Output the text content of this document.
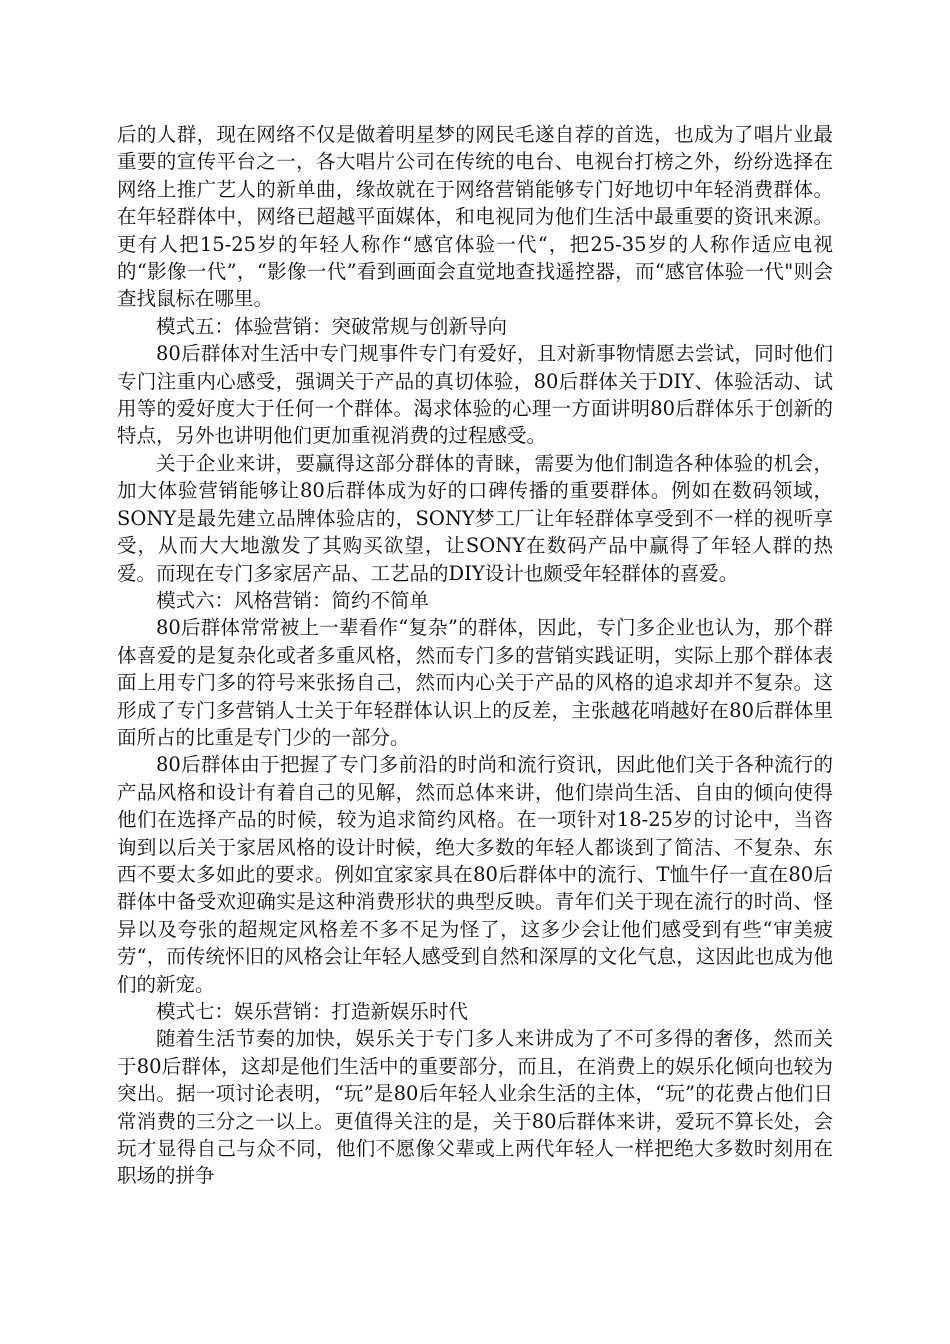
后的人群，现在网络不仅是做着明星梦的网民毛遂自荐的首选，也成为了唱片业最重要的宣传平台之一，各大唱片公司在传统的电台、电视台打榜之外，纷纷选择在网络上推广艺人的新单曲，缘故就在于网络营销能够专门好地切中年轻消费群体。在年轻群体中，网络已超越平面媒体，和电视同为他们生活中最重要的资讯来源。更有人把15-25岁的年轻人称作“感官体验一代“，把25-35岁的人称作适应电视的“影像一代”，“影像一代”看到画面会直觉地查找遥控器，而“感官体验一代"则会查找鼠标在哪里。

模式五：体验营销：突破常规与创新导向

80后群体对生活中专门规事件专门有爱好，且对新事物情愿去尝试，同时他们专门注重内心感受，强调关于产品的真切体验，80后群体关于DIY、体验活动、试用等的爱好度大于任何一个群体。渴求体验的心理一方面讲明80后群体乐于创新的特点，另外也讲明他们更加重视消费的过程感受。

关于企业来讲，要赢得这部分群体的青睐，需要为他们制造各种体验的机会，加大体验营销能够让80后群体成为好的口碑传播的重要群体。例如在数码领域，SONY是最先建立品牌体验店的，SONY梦工厂让年轻群体享受到不一样的视听享受，从而大大地激发了其购买欲望，让SONY在数码产品中赢得了年轻人群的热爱。而现在专门多家居产品、工艺品的DIY设计也颇受年轻群体的喜爱。

模式六：风格营销：简约不简单

80后群体常常被上一辈看作“复杂”的群体，因此，专门多企业也认为，那个群体喜爱的是复杂化或者多重风格，然而专门多的营销实践证明，实际上那个群体表面上用专门多的符号来张扬自己，然而内心关于产品的风格的追求却并不复杂。这形成了专门多营销人士关于年轻群体认识上的反差，主张越花哨越好在80后群体里面所占的比重是专门少的一部分。

80后群体由于把握了专门多前沿的时尚和流行资讯，因此他们关于各种流行的产品风格和设计有着自己的见解，然而总体来讲，他们崇尚生活、自由的倾向使得他们在选择产品的时候，较为追求简约风格。在一项针对18-25岁的讨论中，当咨询到以后关于家居风格的设计时候，绝大多数的年轻人都谈到了简洁、不复杂、东西不要太多如此的要求。例如宜家家具在80后群体中的流行、T恤牛仔一直在80后群体中备受欢迎确实是这种消费形状的典型反映。青年们关于现在流行的时尚、怪异以及夸张的超规定风格差不多不足为怪了，这多少会让他们感受到有些“审美疲劳“，而传统怀旧的风格会让年轻人感受到自然和深厚的文化气息，这因此也成为他们的新宠。

模式七：娱乐营销：打造新娱乐时代

随着生活节奏的加快，娱乐关于专门多人来讲成为了不可多得的奢侈，然而关于80后群体，这却是他们生活中的重要部分，而且，在消费上的娱乐化倾向也较为突出。据一项讨论表明，“玩”是80后年轻人业余生活的主体，“玩”的花费占他们日常消费的三分之一以上。更值得关注的是，关于80后群体来讲，爱玩不算长处，会玩才显得自己与众不同，他们不愿像父辈或上两代年轻人一样把绝大多数时刻用在职场的拼争
